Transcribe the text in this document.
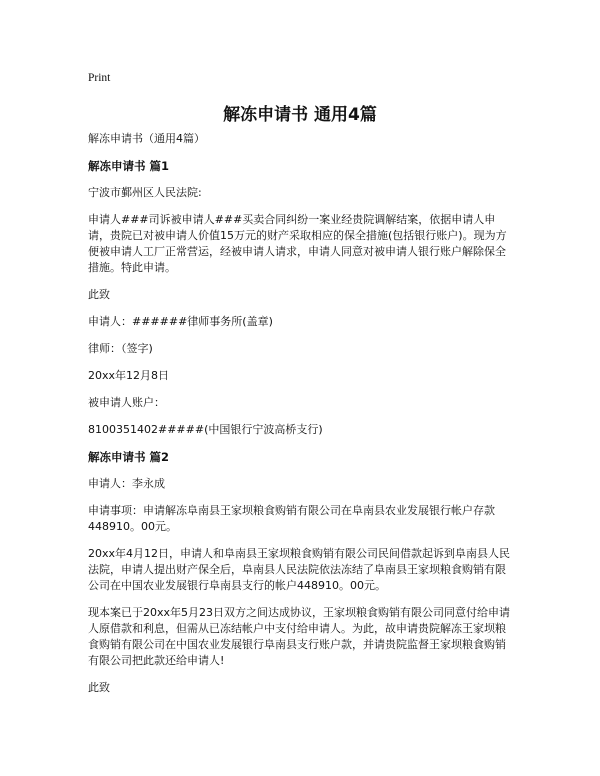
Print
解冻申请书 通用4篇

解冻申请书（通用4篇）

解冻申请书 篇1

宁波市鄞州区人民法院:

申请人###司诉被申请人###买卖合同纠纷一案业经贵院调解结案，依据申请人申请，贵院已对被申请人价值15万元的财产采取相应的保全措施(包括银行账户)。现为方便被申请人工厂正常营运，经被申请人请求，申请人同意对被申请人银行账户解除保全措施。特此申请。

此致

申请人：######律师事务所(盖章)

律师：（签字)

20xx年12月8日

被申请人账户：

8100351402#####(中国银行宁波高桥支行)

解冻申请书 篇2

申请人：李永成

申请事项：申请解冻阜南县王家坝粮食购销有限公司在阜南县农业发展银行帐户存款448910。00元。

20xx年4月12日，申请人和阜南县王家坝粮食购销有限公司民间借款起诉到阜南县人民法院，申请人提出财产保全后，阜南县人民法院依法冻结了阜南县王家坝粮食购销有限公司在中国农业发展银行阜南县支行的帐户448910。00元。

现本案已于20xx年5月23日双方之间达成协议，王家坝粮食购销有限公司同意付给申请人原借款和利息，但需从已冻结帐户中支付给申请人。为此，故申请贵院解冻王家坝粮食购销有限公司在中国农业发展银行阜南县支行账户款，并请贵院监督王家坝粮食购销有限公司把此款还给申请人!

此致
